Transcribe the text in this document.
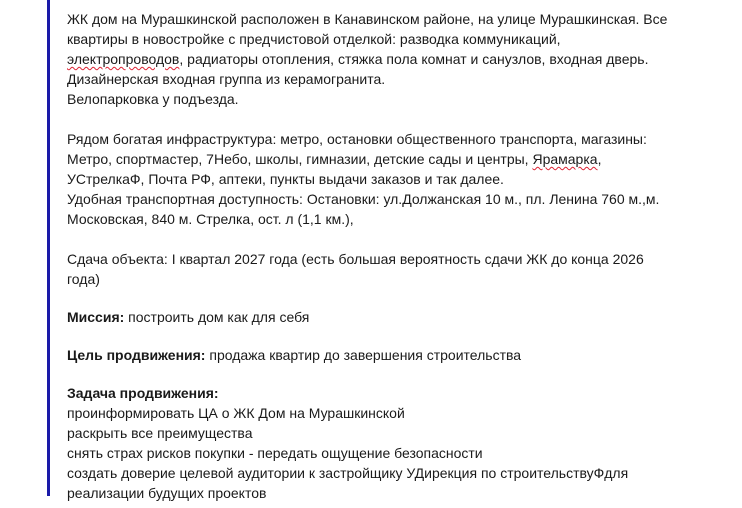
ЖК дом на Мурашкинской расположен в Канавинском районе, на улице Мурашкинская. Все

квартиры в новостройке с предчистовой отделкой: разводка коммуникаций,

электропроводов, радиаторы отопления, стяжка пола комнат и санузлов, входная дверь.

Дизайнерская входная группа из керамогранита.

Велопарковка у подъезда.

Рядом богатая инфраструктура: метро, остановки общественного транспорта, магазины:

Метро, спортмастер, 7Небо, школы, гимназии, детские сады и центры, Ярамарка,

УСтрелкаФ, Почта РФ, аптеки, пункты выдачи заказов и так далее.

Удобная транспортная доступность: Остановки: ул.Должанская 10 м., пл. Ленина 760 м.,м.

Московская, 840 м. Стрелка, ост. л (1,1 км.),

Сдача объекта: I квартал 2027 года (есть большая вероятность сдачи ЖК до конца 2026

года)

Миссия: построить дом как для себя

Цель продвижения: продажа квартир до завершения строительства

Задача продвижения:

проинформировать ЦА о ЖК Дом на Мурашкинской

раскрыть все преимущества

снять страх рисков покупки - передать ощущение безопасности

создать доверие целевой аудитории к застройщику УДирекция по строительствуФдля

реализации будущих проектов
